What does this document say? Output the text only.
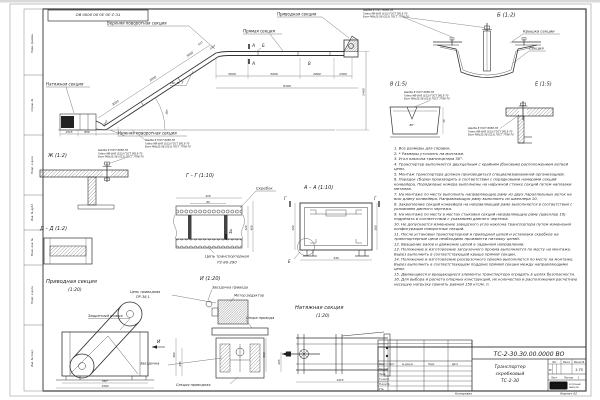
Перв. примен.
Справ. №
Подп. и дата
Инв. № дубл.
Взам. инв. №
Подп. и дата
Инв. № подл.
ТС-2-30.30.00.0000 ВО
А
А
Б
В
3000	3000	2660	1500
9160
5480
1515	850
1047
3000
3000
3000
612
1067
30°
Верхняя поворотная секция
Прямая секция
Приводная секция
Натяжная секция
Нижняя поворотная секция
см. п. 7
Шайба 8 ГОСТ 6958-78
Гайка М8-6Н5 (S13) ГОСТ 5915-70
Болт М8х25.58 (S13) ГОСТ 7796-70
Б (1:2)
Крышка секции
Секция
Шайба 8 ГОСТ 6958-78
Гайка М8-6Н5 (S13) ГОСТ 5915-70
Болт М8х25.58 (S13) ГОСТ 7796-70
В (1:5)
Шайба 8 ГОСТ 6958-78
Гайка М8-6Н5 (S13) ГОСТ 5915-70
Болт М8х25.58 (S13) ГОСТ 7796-70
80°
45
Е (1:5)
Шайба 8 ГОСТ 6958-78
Гайка М8-6Н5 (S13) ГОСТ 5915-70
Болт М8х25.58 (S13) ГОСТ 7796-70
Ж (1:2)
Шайба 8 ГОСТ 6958-78
Гайка М8-6Н5 (S13) ГОСТ 5915-70
Болт М8х25.58 (S13) ГОСТ 7796-70
Д – Д (1:2)
Г – Г (1:10)
Д
Скребок
Цепь транспортерная
Р2-80-290
320
80
320 400
А – А (1:10)
Г	Г
Е
300	380
340
Приводная секция
(1:20)
Защитный кожух
И
780*
1500
И (1:20)
Цепь приводная
ПР-38,1
Звездочка привода
Мотор редуктор
Опора привода
Звездочка
Секция приводная
560
255
Натяжная секция
(1:20)
560
205
1515
Изм.	Лист	№ докум.	Подп.	Дата
Разраб.
Пров.
Т.контр.
Н.контр.
Утв.
ТС-2-30.30.00.0000 ВО
Транспортер
скребковый
ТС-2-30
Лит.	Масса Масштаб
М	1:75
Лист	Листов 1
KVZR КОТЕЛЬНЫЙ
ЗАВОД РФ
Копировал	Формат А2
1. Все размеры для справок.
2. * Размеры уточнить на монтаже.
3. Угол наклона транспортера 30°.
4. Транспортер выполняется двухцепным с крайним (боковым) расположением ветвей цепи.
5. Монтаж транспортера должен производиться специализированной организацией.
6. Порядок сборки производить в соответствии с порядковыми номерами секций конвейера. Порядковые номера выполнены на наружной стенке секций путем наплавки металла.
7. На монтаже по месту выполнить направляющую раму из двух параллельных веток на всю длину конвейера. Направляющую раму выполнить из швеллера 10.
8. Закрепление секций конвейера на направляющей раме выполняется в соответствии с указанием данного чертежа.
9. На монтаже по месту в местах стыковки секций направляющую раму (швеллер 10) подрезать в соответствии с указанием данного чертежа.
10. Не допускается изменение заводского угла наклона транспортера путем изменения конфигурации поворотных секций.
11. После установки транспортерной и приводной цепей и установки скребков на транспортерные цепи необходимо произвести натяжку цепей.
12. Вращение валов и движение цепей в заданном направлении.
13. Положение и изготовление загрузочного проема выполняется по месту на монтаже. Вырез выполнить в соответствующей крыше прямой секции.
14. Положение и изготовление разгрузочного проема выполняется по месту на монтаже. Вырез выполнить в соответствующем поддоне прямой секции между направляющими цепи.
15. Движущиеся и вращающиеся элементы транспортера оградить в целях безопасности.
16. Для выбора и расчета опорных конструкций, их количества и расположения расчетную несущую нагрузку принять равной 150 кгс/м. п.
